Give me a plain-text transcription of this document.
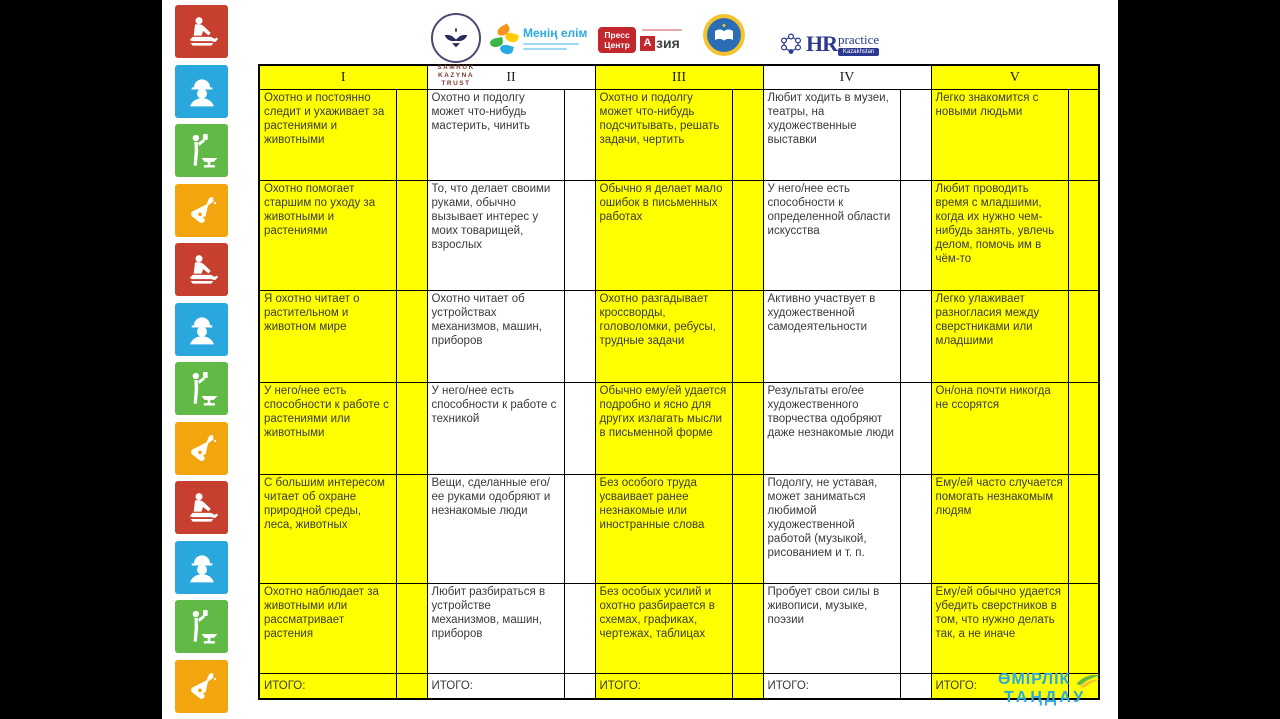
SAMRUK
KAZYNA
TRUST
Менің елім Пресс
Центр	А зия	HR practice
Kazakhstan
I		II		III		IV		V	
Охотно и постоянно следит и ухаживает за растениями и животными		Охотно и подолгу может что-нибудь мастерить, чинить		Охотно и подолгу может что-нибудь подсчитывать, решать задачи, чертить		Любит ходить в музеи, театры, на художественные выставки		Легко знакомится с новыми людьми	
Охотно помогает старшим по уходу за животными и растениями		То, что делает своими руками, обычно вызывает интерес у моих товарищей, взрослых		Обычно я делает мало ошибок в письменных работах		У него/нее есть способности к определенной области искусства		Любит проводить время с младшими, когда их нужно чем-нибудь занять, увлечь делом, помочь им в чём-то	
Я охотно читает о растительном и животном мире		Охотно читает об устройствах механизмов, машин, приборов		Охотно разгадывает кроссворды, головоломки, ребусы, трудные задачи		Активно участвует в художественной самодеятельности		Легко улаживает разногласия между сверстниками или младшими	
У него/нее есть способности к работе с растениями или животными		У него/нее есть способности к работе с техникой		Обычно ему/ей удается подробно и ясно для других излагать мысли в письменной форме		Результаты его/ее художественного творчества одобряют даже незнакомые люди		Он/она почти никогда не ссорятся	
С большим интересом читает об охране природной среды, леса, животных		Вещи, сделанные его/ее руками одобряют и незнакомые люди		Без особого труда усваивает ранее незнакомые или иностранные слова		Подолгу, не уставая, может заниматься любимой художественной работой (музыкой, рисованием и т. п.		Ему/ей часто случается помогать незнакомым людям	
Охотно наблюдает за животными или рассматривает растения		Любит разбираться в устройстве механизмов, машин, приборов		Без особых усилий и охотно разбирается в схемах, графиках, чертежах, таблицах		Пробует свои силы в живописи, музыке, поэзии		Ему/ей обычно удается убедить сверстников в том, что нужно делать так, а не иначе	
ИТОГО:		ИТОГО:		ИТОГО:		ИТОГО:		ИТОГО:	ӨМІРЛІК
ТАҢДАУ
